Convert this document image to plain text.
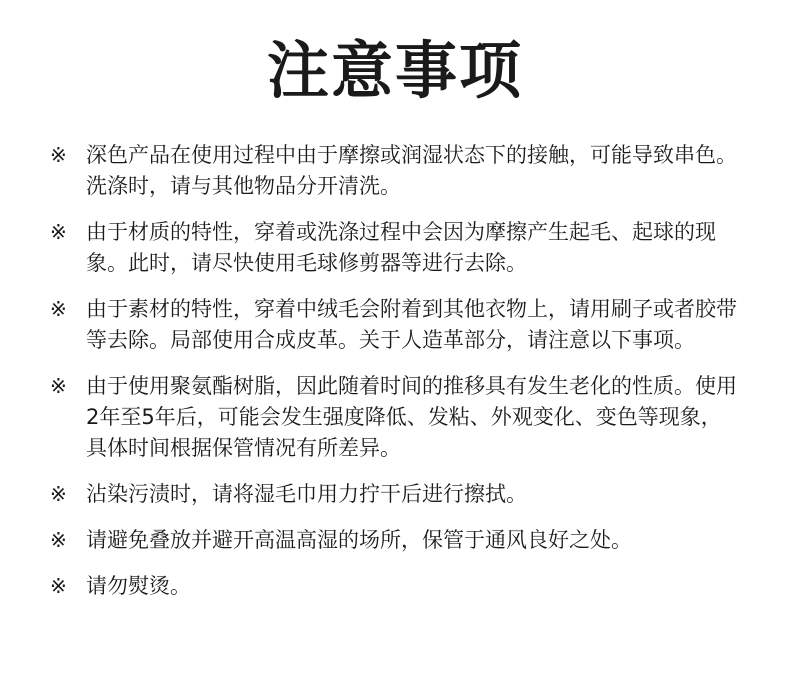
注意事项
※ 深色产品在使用过程中由于摩擦或润湿状态下的接触，可能导致串色。洗涤时，请与其他物品分开清洗。
※ 由于材质的特性，穿着或洗涤过程中会因为摩擦产生起毛、起球的现象。此时，请尽快使用毛球修剪器等进行去除。
※ 由于素材的特性，穿着中绒毛会附着到其他衣物上，请用刷子或者胶带等去除。局部使用合成皮革。关于人造革部分，请注意以下事项。
※ 由于使用聚氨酯树脂，因此随着时间的推移具有发生老化的性质。使用2年至5年后，可能会发生强度降低、发粘、外观变化、变色等现象，具体时间根据保管情况有所差异。
※ 沾染污渍时，请将湿毛巾用力拧干后进行擦拭。
※ 请避免叠放并避开高温高湿的场所，保管于通风良好之处。
※ 请勿熨烫。
